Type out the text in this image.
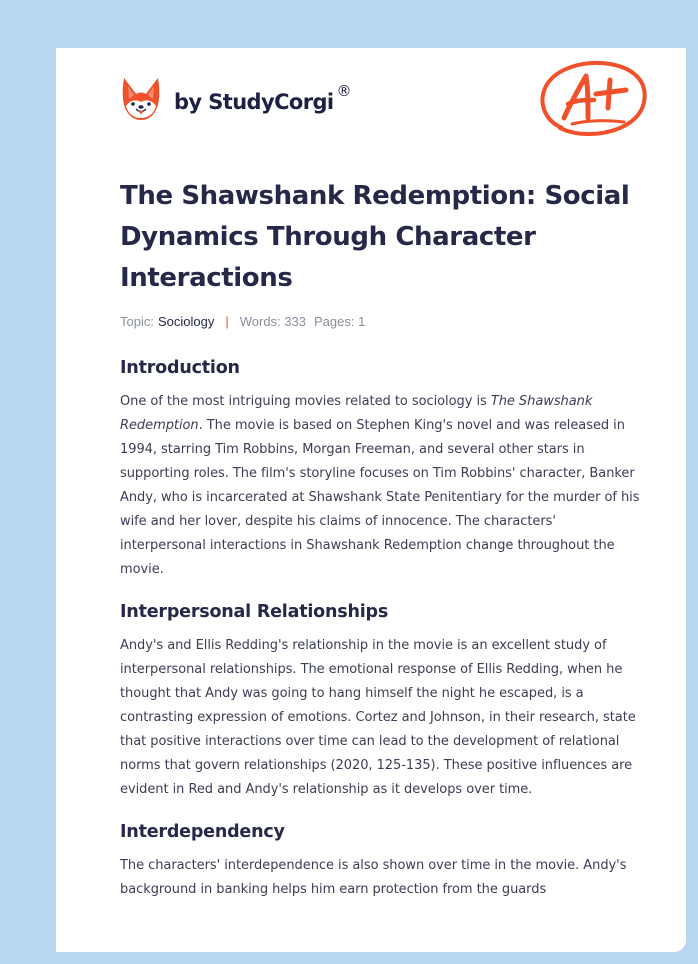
by StudyCorgi ®
The Shawshank Redemption: Social Dynamics Through Character Interactions
Topic: Sociology | Words: 333 Pages: 1
Introduction

One of the most intriguing movies related to sociology is The Shawshank Redemption. The movie is based on Stephen King's novel and was released in 1994, starring Tim Robbins, Morgan Freeman, and several other stars in supporting roles. The film's storyline focuses on Tim Robbins' character, Banker Andy, who is incarcerated at Shawshank State Penitentiary for the murder of his wife and her lover, despite his claims of innocence. The characters' interpersonal interactions in Shawshank Redemption change throughout the movie.

Interpersonal Relationships

Andy's and Ellis Redding's relationship in the movie is an excellent study of interpersonal relationships. The emotional response of Ellis Redding, when he thought that Andy was going to hang himself the night he escaped, is a contrasting expression of emotions. Cortez and Johnson, in their research, state that positive interactions over time can lead to the development of relational norms that govern relationships (2020, 125-135). These positive influences are evident in Red and Andy's relationship as it develops over time.

Interdependency

The characters' interdependence is also shown over time in the movie. Andy's background in banking helps him earn protection from the guards
